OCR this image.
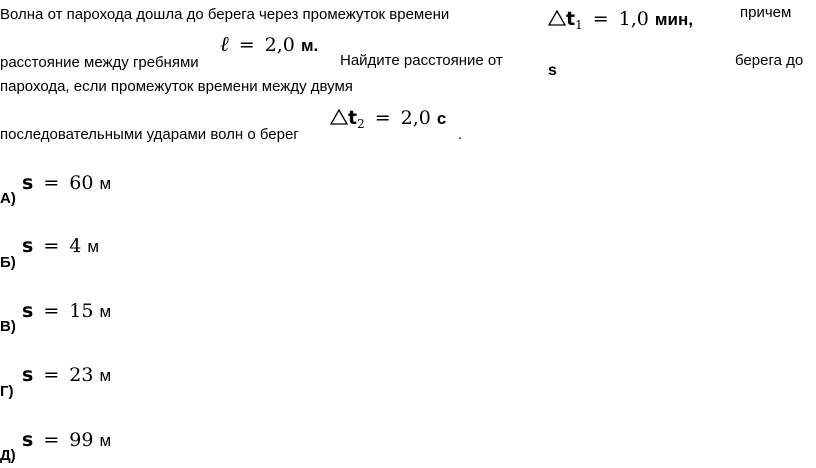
Волна от парохода дошла до берега через промежуток времени	$t_1 = 1,0$ мин,	причем
расстояние между гребнями
ℓ = 2,0 м.
Найдите расстояние от
s
берега до
парохода, если промежуток времени между двумя
последовательными ударами волн о берег
$t_2 = 2,0$ с
.
s = 60 м
А)
s = 4 м
Б)
s = 15 м
В)
s = 23 м
Г)
s = 99 м
Д)
